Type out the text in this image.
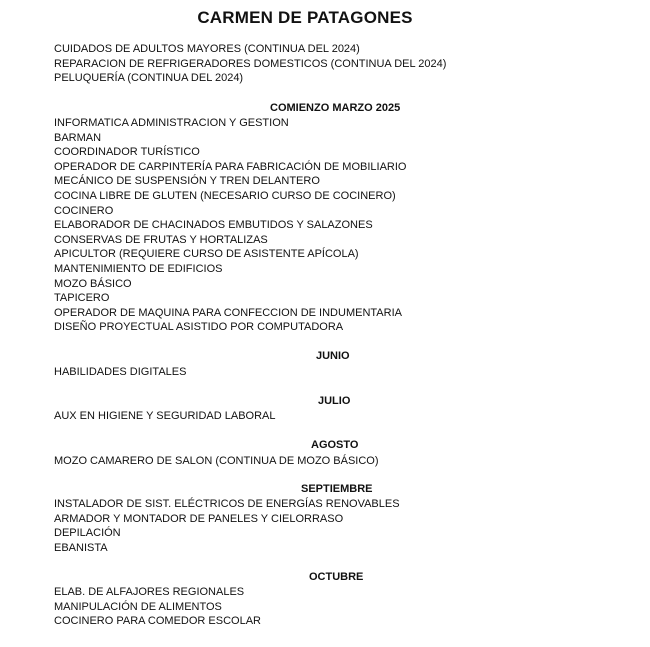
CARMEN DE PATAGONES
CUIDADOS DE ADULTOS MAYORES (CONTINUA DEL 2024)
REPARACION DE REFRIGERADORES DOMESTICOS (CONTINUA DEL 2024)
PELUQUERÍA (CONTINUA DEL 2024)
COMIENZO MARZO 2025
INFORMATICA ADMINISTRACION Y GESTION
BARMAN
COORDINADOR TURÍSTICO
OPERADOR DE CARPINTERÍA PARA FABRICACIÓN DE MOBILIARIO
MECÁNICO DE SUSPENSIÓN Y TREN DELANTERO
COCINA LIBRE DE GLUTEN (NECESARIO CURSO DE COCINERO)
COCINERO
ELABORADOR DE CHACINADOS EMBUTIDOS Y SALAZONES
CONSERVAS DE FRUTAS Y HORTALIZAS
APICULTOR (REQUIERE CURSO DE ASISTENTE APÍCOLA)
MANTENIMIENTO DE EDIFICIOS
MOZO BÁSICO
TAPICERO
OPERADOR DE MAQUINA PARA CONFECCION DE INDUMENTARIA
DISEÑO PROYECTUAL ASISTIDO POR COMPUTADORA
JUNIO
HABILIDADES DIGITALES
JULIO
AUX EN HIGIENE Y SEGURIDAD LABORAL
AGOSTO
MOZO CAMARERO DE SALON (CONTINUA DE MOZO BÁSICO)
SEPTIEMBRE
INSTALADOR DE SIST. ELÉCTRICOS DE ENERGÍAS RENOVABLES
ARMADOR Y MONTADOR DE PANELES Y CIELORRASO
DEPILACIÓN
EBANISTA
OCTUBRE
ELAB. DE ALFAJORES REGIONALES
MANIPULACIÓN DE ALIMENTOS
COCINERO PARA COMEDOR ESCOLAR
